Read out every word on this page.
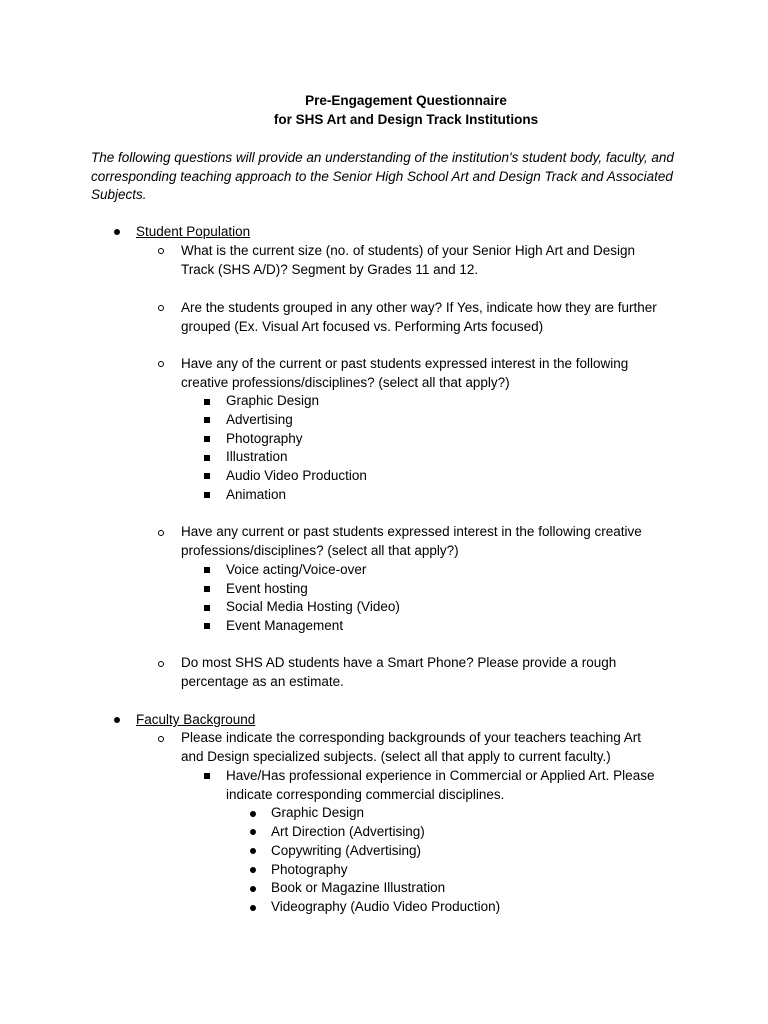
Pre-Engagement Questionnaire
for SHS Art and Design Track Institutions
The following questions will provide an understanding of the institution's student body, faculty, and corresponding teaching approach to the Senior High School Art and Design Track and Associated Subjects.
Student Population
What is the current size (no. of students) of your Senior High Art and Design
Track (SHS A/D)? Segment by Grades 11 and 12.
Are the students grouped in any other way? If Yes, indicate how they are further
grouped (Ex. Visual Art focused vs. Performing Arts focused)
Have any of the current or past students expressed interest in the following
creative professions/disciplines? (select all that apply?)
Graphic Design
Advertising
Photography
Illustration
Audio Video Production
Animation
Have any current or past students expressed interest in the following creative
professions/disciplines? (select all that apply?)
Voice acting/Voice-over
Event hosting
Social Media Hosting (Video)
Event Management
Do most SHS AD students have a Smart Phone? Please provide a rough
percentage as an estimate.
Faculty Background
Please indicate the corresponding backgrounds of your teachers teaching Art
and Design specialized subjects. (select all that apply to current faculty.)
Have/Has professional experience in Commercial or Applied Art. Please
indicate corresponding commercial disciplines.
Graphic Design
Art Direction (Advertising)
Copywriting (Advertising)
Photography
Book or Magazine Illustration
Videography (Audio Video Production)
